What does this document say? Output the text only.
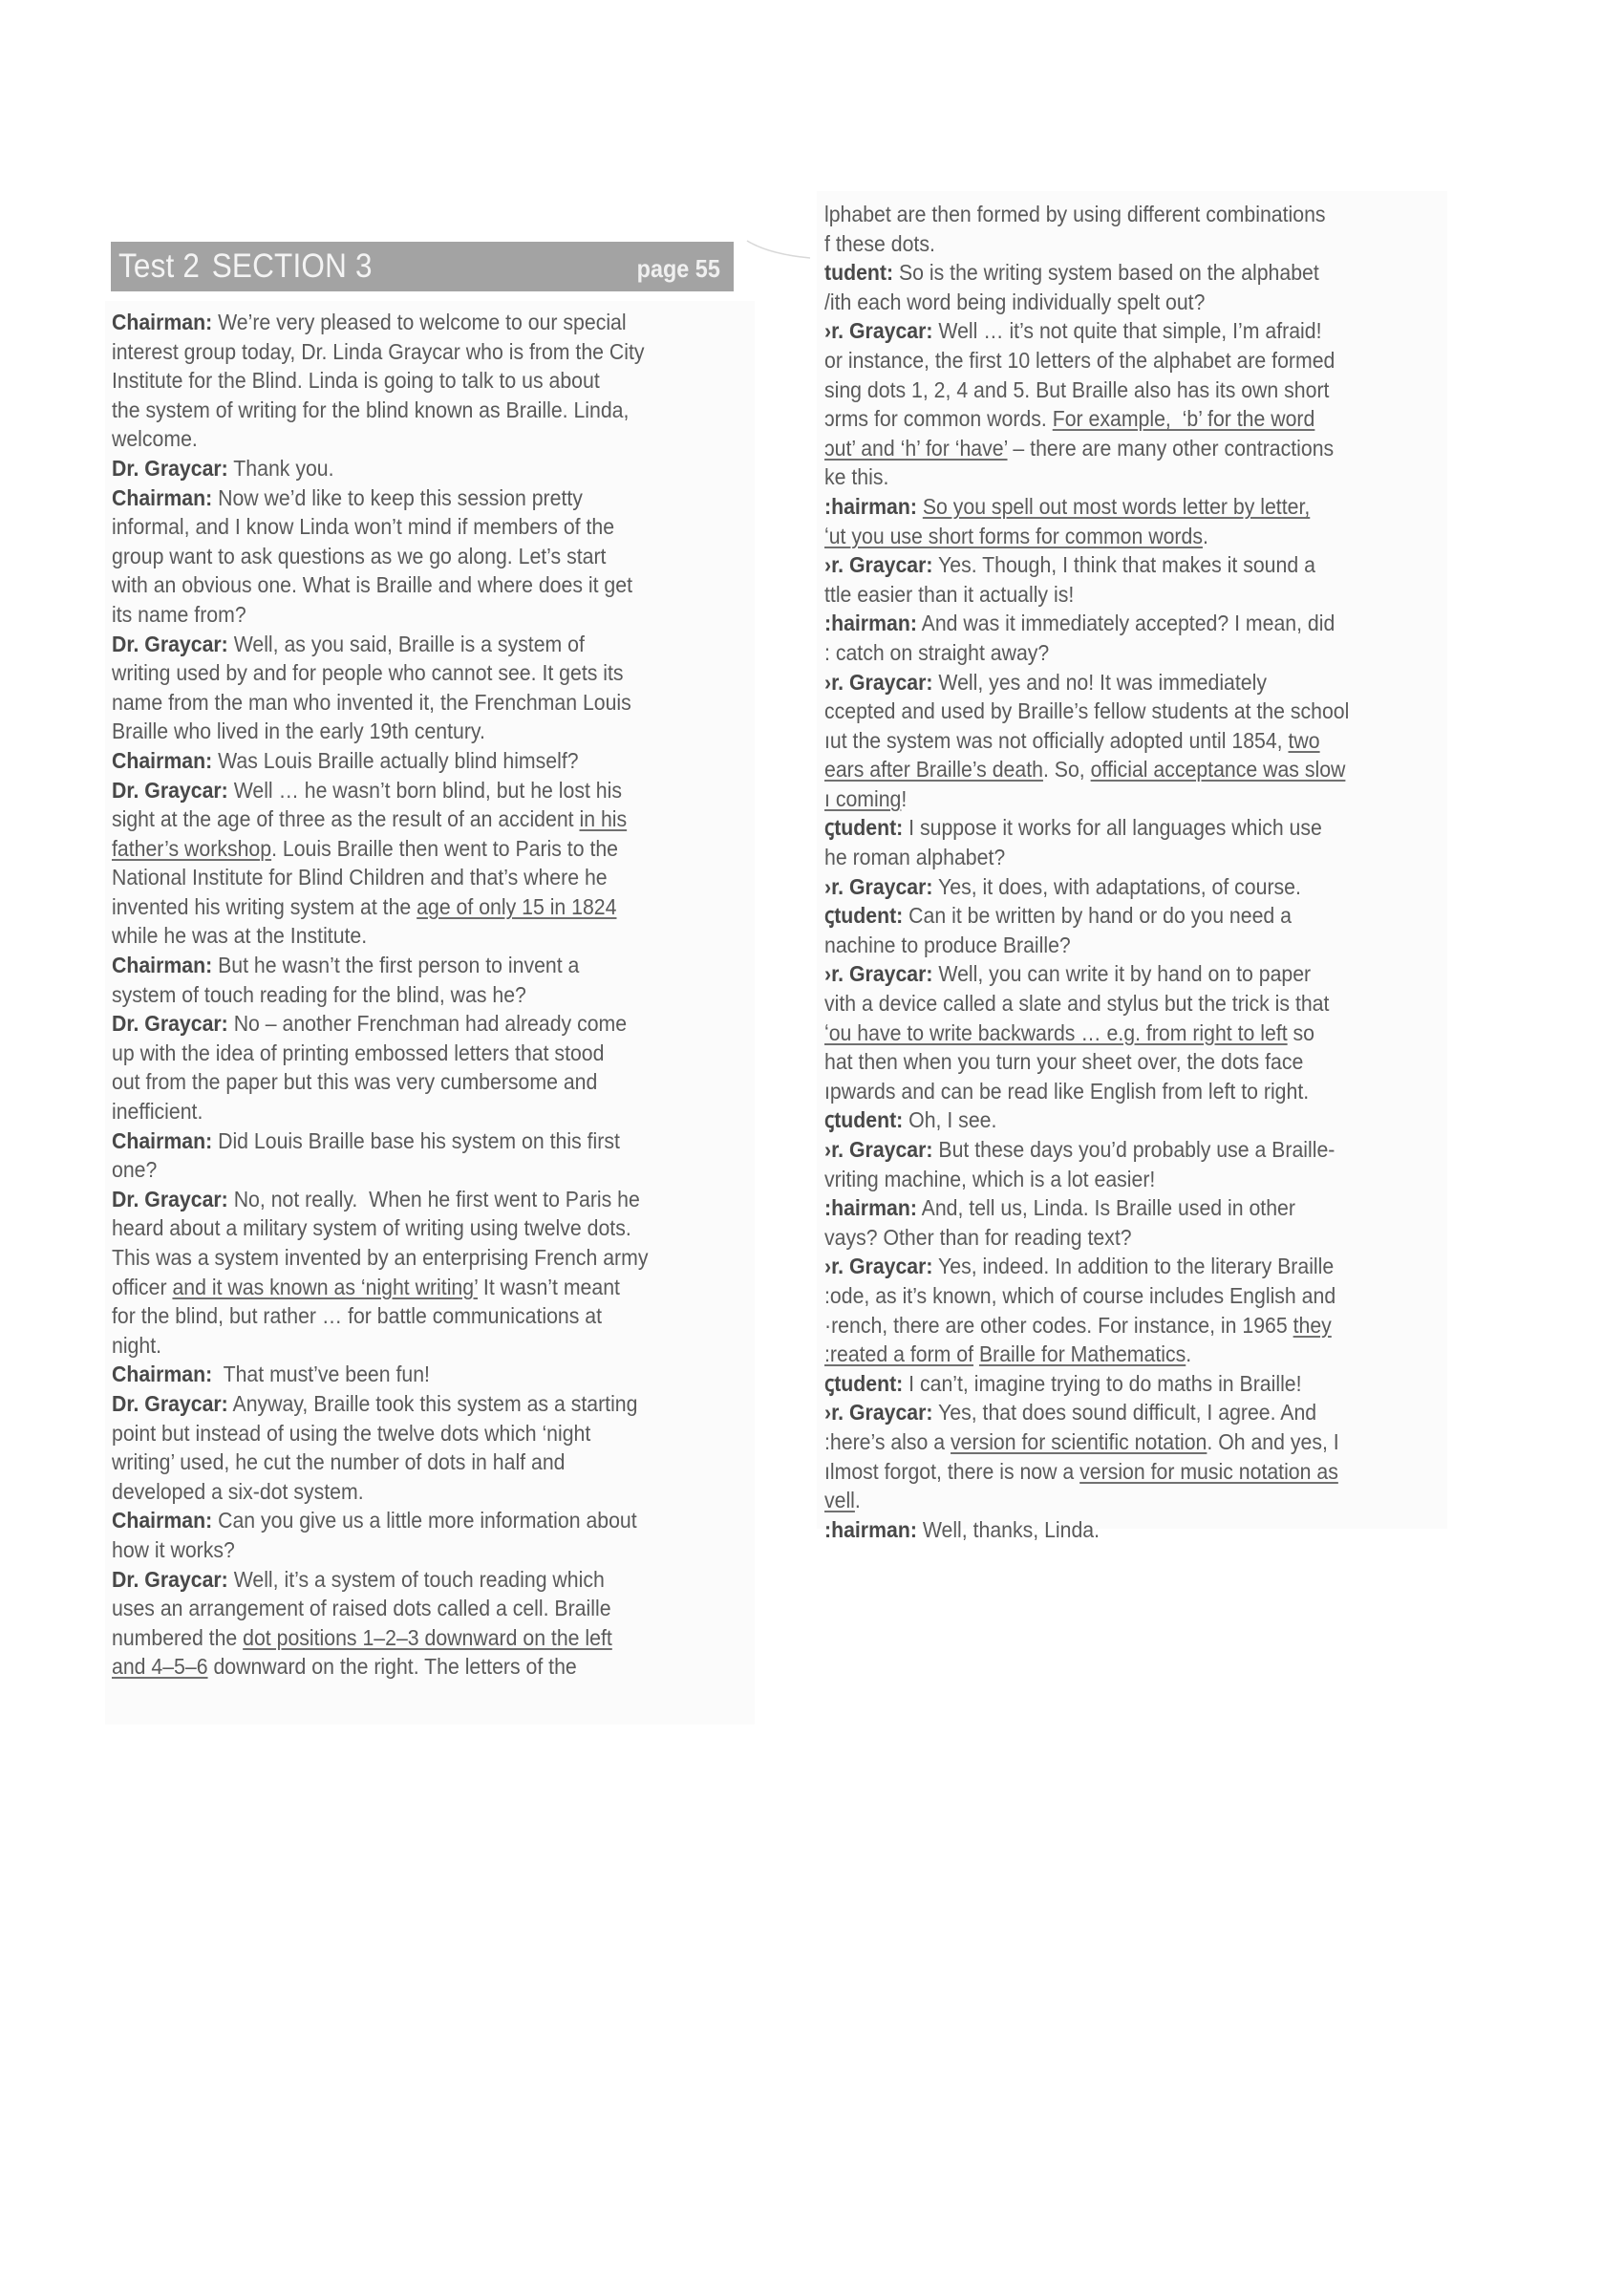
Test 2 SECTION 3	page 55
Chairman: We’re very pleased to welcome to our special
interest group today, Dr. Linda Graycar who is from the City
Institute for the Blind. Linda is going to talk to us about
the system of writing for the blind known as Braille. Linda,
welcome.
Dr. Graycar: Thank you.
Chairman: Now we’d like to keep this session pretty
informal, and I know Linda won’t mind if members of the
group want to ask questions as we go along. Let’s start
with an obvious one. What is Braille and where does it get
its name from?
Dr. Graycar: Well, as you said, Braille is a system of
writing used by and for people who cannot see. It gets its
name from the man who invented it, the Frenchman Louis
Braille who lived in the early 19th century.
Chairman: Was Louis Braille actually blind himself?
Dr. Graycar: Well … he wasn’t born blind, but he lost his
sight at the age of three as the result of an accident in his
father’s workshop. Louis Braille then went to Paris to the
National Institute for Blind Children and that’s where he
invented his writing system at the age of only 15 in 1824
while he was at the Institute.
Chairman: But he wasn’t the first person to invent a
system of touch reading for the blind, was he?
Dr. Graycar: No – another Frenchman had already come
up with the idea of printing embossed letters that stood
out from the paper but this was very cumbersome and
inefficient.
Chairman: Did Louis Braille base his system on this first
one?
Dr. Graycar: No, not really.  When he first went to Paris he
heard about a military system of writing using twelve dots.
This was a system invented by an enterprising French army
officer and it was known as ‘night writing’ It wasn’t meant
for the blind, but rather … for battle communications at
night.
Chairman:  That must’ve been fun!
Dr. Graycar: Anyway, Braille took this system as a starting
point but instead of using the twelve dots which ‘night
writing’ used, he cut the number of dots in half and
developed a six-dot system.
Chairman: Can you give us a little more information about
how it works?
Dr. Graycar: Well, it’s a system of touch reading which
uses an arrangement of raised dots called a cell. Braille
numbered the dot positions 1–2–3 downward on the left
and 4–5–6 downward on the right. The letters of the
lphabet are then formed by using different combinations
f these dots.
tudent: So is the writing system based on the alphabet
/ith each word being individually spelt out?
›r. Graycar: Well … it’s not quite that simple, I’m afraid!
or instance, the first 10 letters of the alphabet are formed
sing dots 1, 2, 4 and 5. But Braille also has its own short
ɔrms for common words. For example,  ‘b’ for the word
ɔut’ and ‘h’ for ‘have’ – there are many other contractions
ke this.
:hairman: So you spell out most words letter by letter,
ʻut you use short forms for common words.
›r. Graycar: Yes. Though, I think that makes it sound a
ttle easier than it actually is!
:hairman: And was it immediately accepted? I mean, did
: catch on straight away?
›r. Graycar: Well, yes and no! It was immediately
ccepted and used by Braille’s fellow students at the school
ıut the system was not officially adopted until 1854, two
ears after Braille’s death. So, official acceptance was slow
ı coming!
ꞔtudent: I suppose it works for all languages which use
he roman alphabet?
›r. Graycar: Yes, it does, with adaptations, of course.
ꞔtudent: Can it be written by hand or do you need a
nachine to produce Braille?
›r. Graycar: Well, you can write it by hand on to paper
vith a device called a slate and stylus but the trick is that
ʻou have to write backwards … e.g. from right to left so
hat then when you turn your sheet over, the dots face
ıpwards and can be read like English from left to right.
ꞔtudent: Oh, I see.
›r. Graycar: But these days you’d probably use a Braille-
vriting machine, which is a lot easier!
:hairman: And, tell us, Linda. Is Braille used in other
vays? Other than for reading text?
›r. Graycar: Yes, indeed. In addition to the literary Braille
:ode, as it’s known, which of course includes English and
·rench, there are other codes. For instance, in 1965 they
:reated a form of Braille for Mathematics.
ꞔtudent: I can’t, imagine trying to do maths in Braille!
›r. Graycar: Yes, that does sound difficult, I agree. And
:here’s also a version for scientific notation. Oh and yes, I
ılmost forgot, there is now a version for music notation as
vell.
:hairman: Well, thanks, Linda.
